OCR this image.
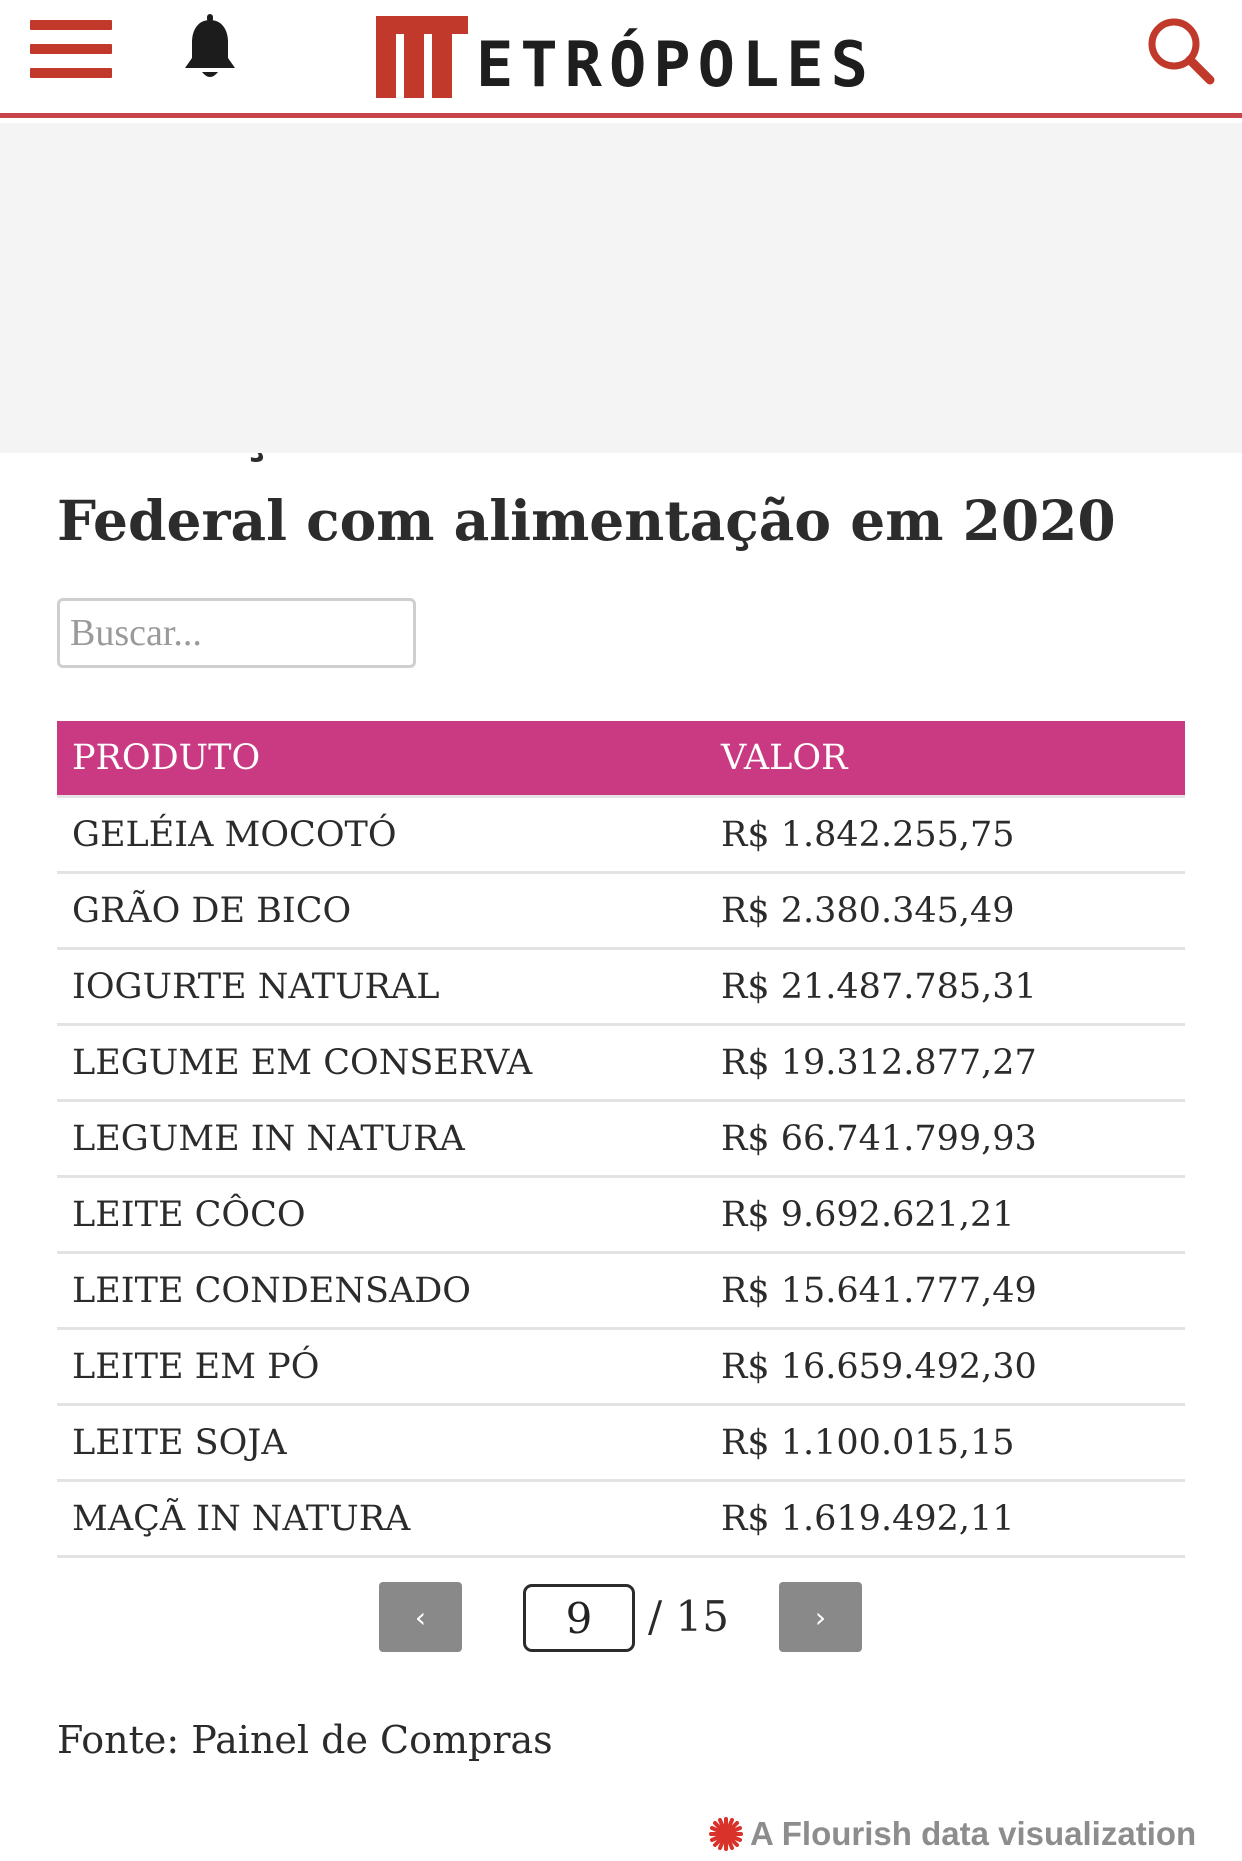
ETRÓPOLES
Federal com alimentação em 2020
Buscar...
PRODUTO	VALOR
GELÉIA MOCOTÓ	R$ 1.842.255,75
GRÃO DE BICO	R$ 2.380.345,49
IOGURTE NATURAL	R$ 21.487.785,31
LEGUME EM CONSERVA	R$ 19.312.877,27
LEGUME IN NATURA	R$ 66.741.799,93
LEITE CÔCO	R$ 9.692.621,21
LEITE CONDENSADO	R$ 15.641.777,49
LEITE EM PÓ	R$ 16.659.492,30
LEITE SOJA	R$ 1.100.015,15
MAÇÃ IN NATURA	R$ 1.619.492,11
‹
9	/ 15	›
Fonte: Painel de Compras
A Flourish data visualization
